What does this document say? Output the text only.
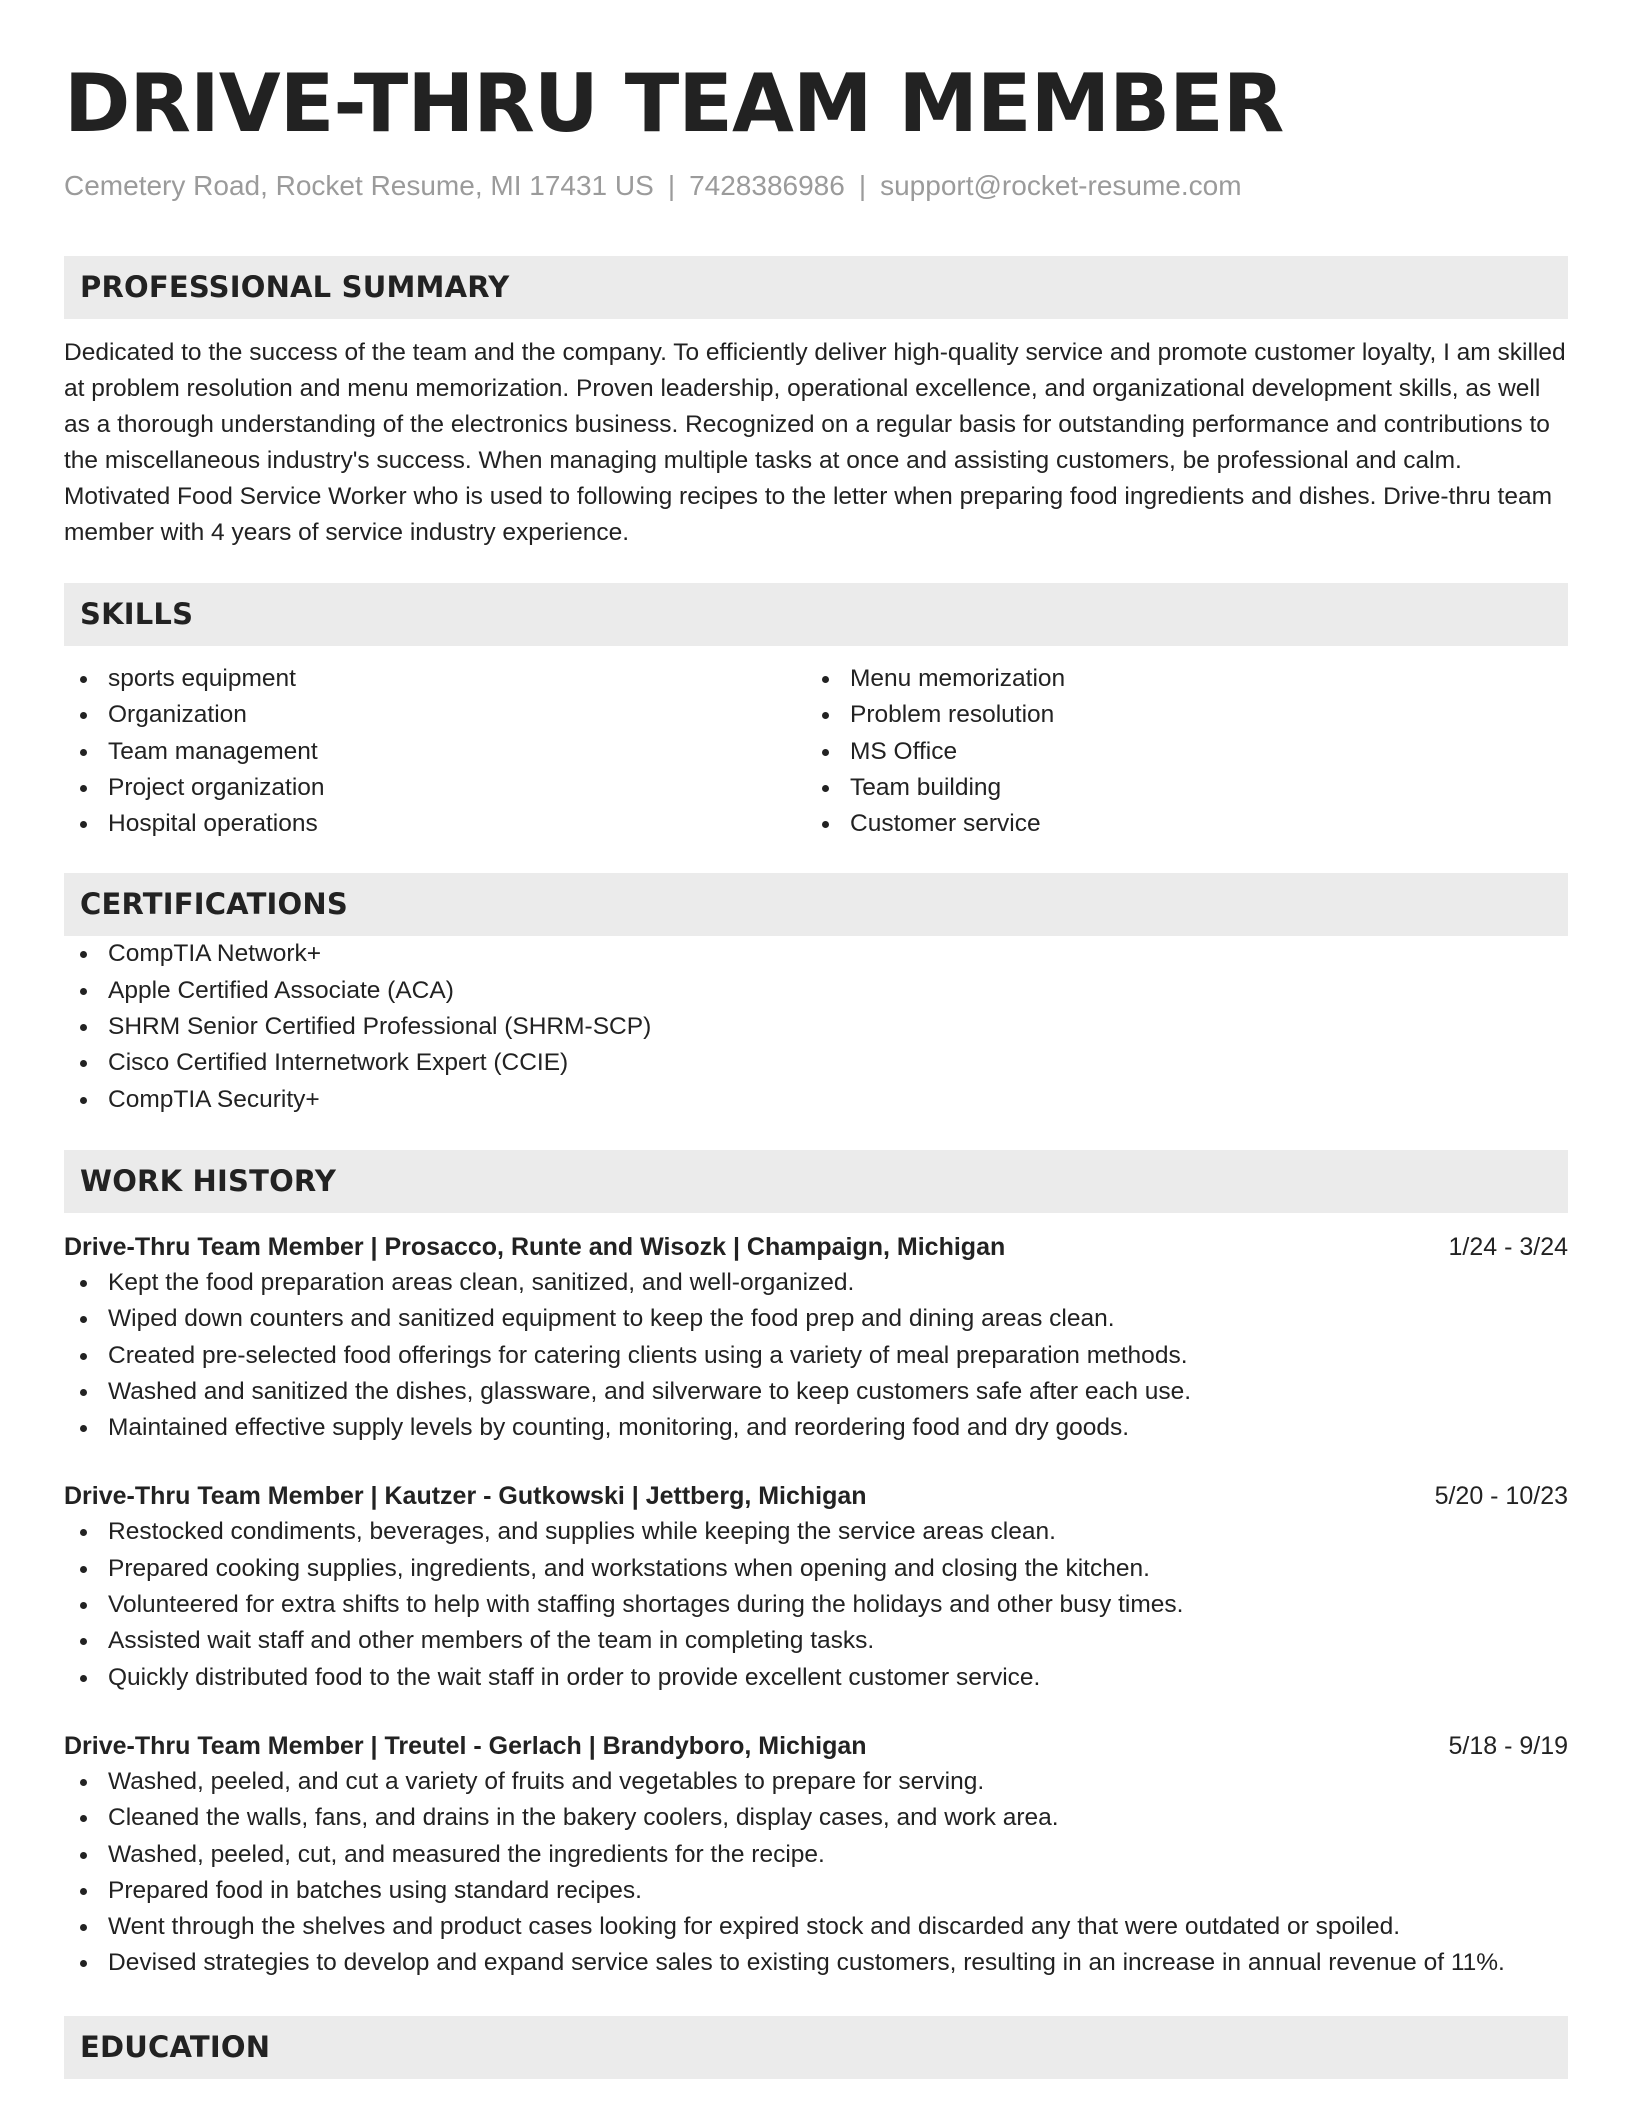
DRIVE-THRU TEAM MEMBER
Cemetery Road, Rocket Resume, MI 17431 US | 7428386986 | support@rocket-resume.com
PROFESSIONAL SUMMARY

Dedicated to the success of the team and the company. To efficiently deliver high-quality service and promote customer loyalty, I am skilled at problem resolution and menu memorization. Proven leadership, operational excellence, and organizational development skills, as well as a thorough understanding of the electronics business. Recognized on a regular basis for outstanding performance and contributions to the miscellaneous industry's success. When managing multiple tasks at once and assisting customers, be professional and calm. Motivated Food Service Worker who is used to following recipes to the letter when preparing food ingredients and dishes. Drive-thru team member with 4 years of service industry experience.

SKILLS
sports equipment
Organization
Team management
Project organization
Hospital operations
Menu memorization
Problem resolution
MS Office
Team building
Customer service
CERTIFICATIONS
CompTIA Network+
Apple Certified Associate (ACA)
SHRM Senior Certified Professional (SHRM-SCP)
Cisco Certified Internetwork Expert (CCIE)
CompTIA Security+
WORK HISTORY
Drive-Thru Team Member | Prosacco, Runte and Wisozk | Champaign, Michigan	1/24 - 3/24
Kept the food preparation areas clean, sanitized, and well-organized.
Wiped down counters and sanitized equipment to keep the food prep and dining areas clean.
Created pre-selected food offerings for catering clients using a variety of meal preparation methods.
Washed and sanitized the dishes, glassware, and silverware to keep customers safe after each use.
Maintained effective supply levels by counting, monitoring, and reordering food and dry goods.
Drive-Thru Team Member | Kautzer - Gutkowski | Jettberg, Michigan	5/20 - 10/23
Restocked condiments, beverages, and supplies while keeping the service areas clean.
Prepared cooking supplies, ingredients, and workstations when opening and closing the kitchen.
Volunteered for extra shifts to help with staffing shortages during the holidays and other busy times.
Assisted wait staff and other members of the team in completing tasks.
Quickly distributed food to the wait staff in order to provide excellent customer service.
Drive-Thru Team Member | Treutel - Gerlach | Brandyboro, Michigan	5/18 - 9/19
Washed, peeled, and cut a variety of fruits and vegetables to prepare for serving.
Cleaned the walls, fans, and drains in the bakery coolers, display cases, and work area.
Washed, peeled, cut, and measured the ingredients for the recipe.
Prepared food in batches using standard recipes.
Went through the shelves and product cases looking for expired stock and discarded any that were outdated or spoiled.
Devised strategies to develop and expand service sales to existing customers, resulting in an increase in annual revenue of 11%.
EDUCATION
